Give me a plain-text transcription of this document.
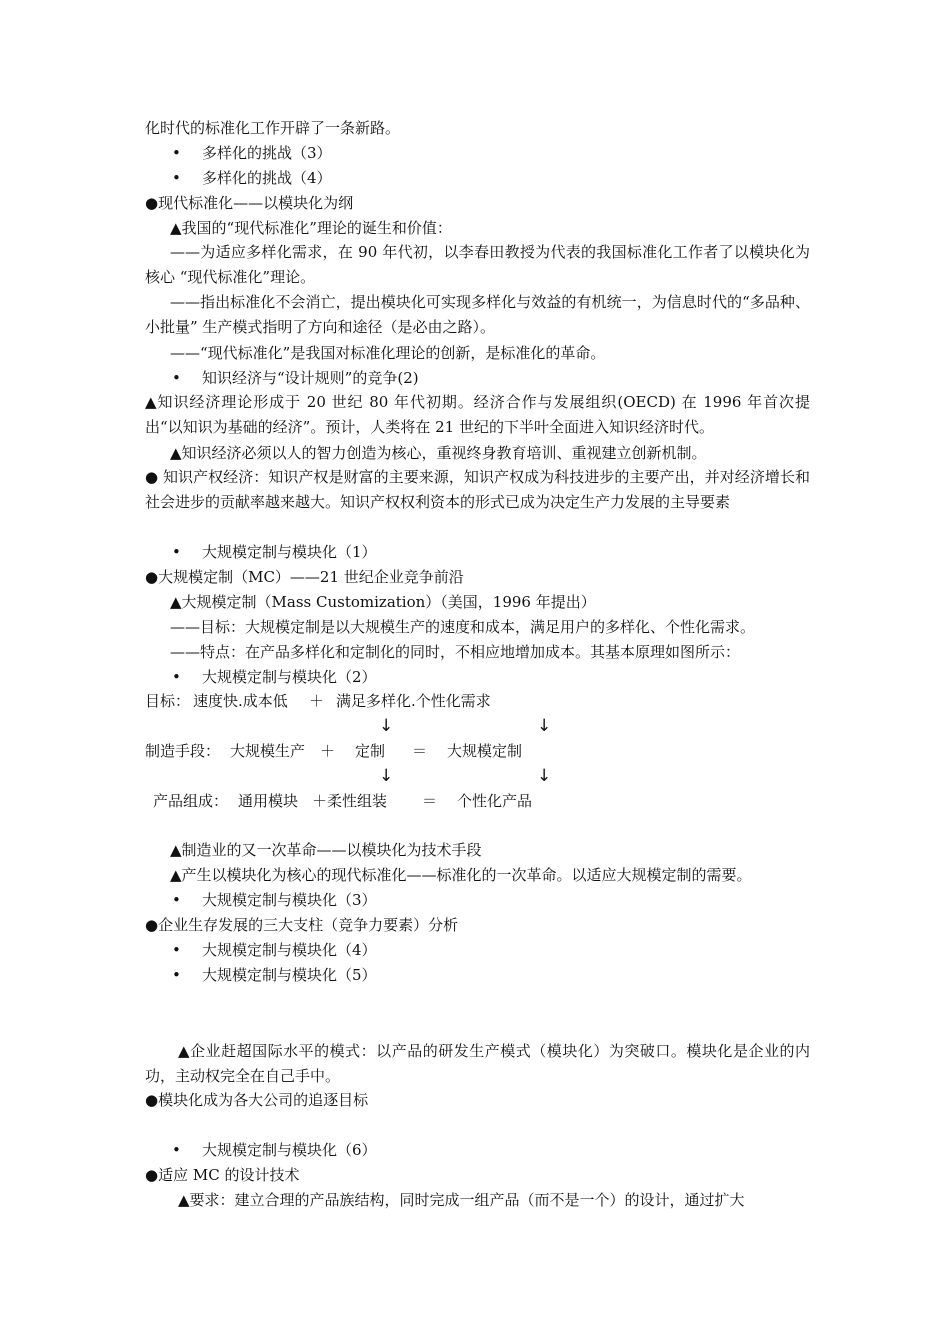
化时代的标准化工作开辟了一条新路。
• 多样化的挑战（3）
• 多样化的挑战（4）
●现代标准化——以模块化为纲
▲我国的“现代标准化”理论的诞生和价值：
——为适应多样化需求，在 90 年代初，以李春田教授为代表的我国标准化工作者了以模块化为核心 “现代标准化”理论。
——指出标准化不会消亡，提出模块化可实现多样化与效益的有机统一，为信息时代的“多品种、小批量” 生产模式指明了方向和途径（是必由之路）。
——“现代标准化”是我国对标准化理论的创新，是标准化的革命。
• 知识经济与“设计规则”的竞争(2)
▲知识经济理论形成于 20 世纪 80 年代初期。经济合作与发展组织(OECD) 在 1996 年首次提出“以知识为基础的经济”。预计，人类将在 21 世纪的下半叶全面进入知识经济时代。
▲知识经济必须以人的智力创造为核心，重视终身教育培训、重视建立创新机制。
● 知识产权经济：知识产权是财富的主要来源，知识产权成为科技进步的主要产出，并对经济增长和社会进步的贡献率越来越大。知识产权权利资本的形式已成为决定生产力发展的主导要素
• 大规模定制与模块化（1）
●大规模定制（MC）——21 世纪企业竞争前沿
▲大规模定制（Mass Customization）（美国，1996 年提出）
——目标：大规模定制是以大规模生产的速度和成本，满足用户的多样化、个性化需求。
——特点：在产品多样化和定制化的同时，不相应地增加成本。其基本原理如图所示：
• 大规模定制与模块化（2）
目标： 速度快.成本低 ＋ 满足多样化.个性化需求
↓	↓
制造手段： 大规模生产 ＋ 定制 ＝ 大规模定制
↓	↓
产品组成： 通用模块 ＋柔性组装 ＝ 个性化产品
▲制造业的又一次革命——以模块化为技术手段
▲产生以模块化为核心的现代标准化——标准化的一次革命。以适应大规模定制的需要。
• 大规模定制与模块化（3）
●企业生存发展的三大支柱（竞争力要素）分析
• 大规模定制与模块化（4）
• 大规模定制与模块化（5）
▲企业赶超国际水平的模式：以产品的研发生产模式（模块化）为突破口。模块化是企业的内功，主动权完全在自己手中。
●模块化成为各大公司的追逐目标
• 大规模定制与模块化（6）
●适应 MC 的设计技术
▲要求：建立合理的产品族结构，同时完成一组产品（而不是一个）的设计，通过扩大
